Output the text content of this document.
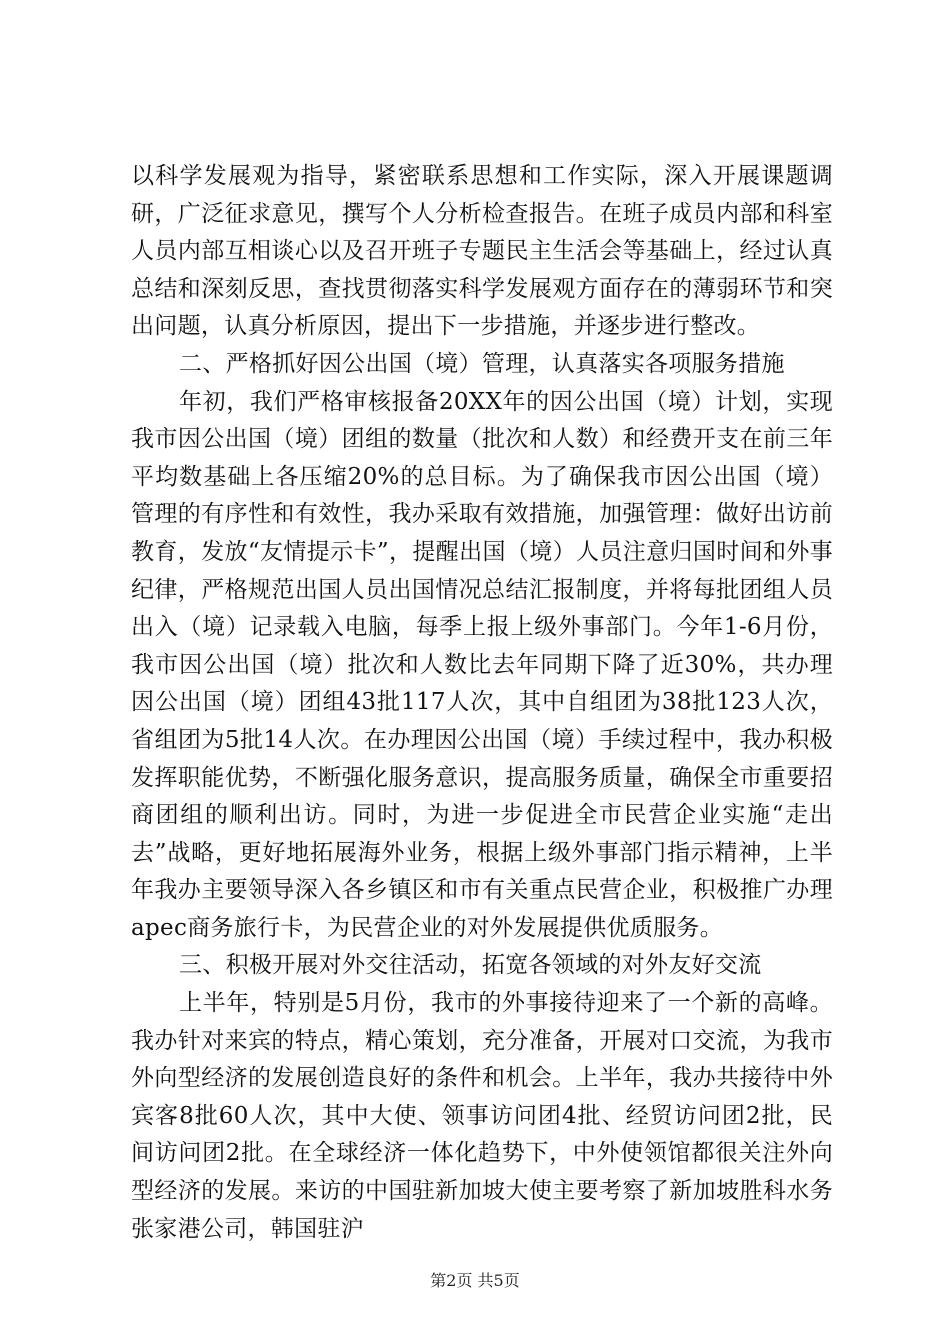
以科学发展观为指导，紧密联系思想和工作实际，深入开展课题调研，广泛征求意见，撰写个人分析检查报告。在班子成员内部和科室人员内部互相谈心以及召开班子专题民主生活会等基础上，经过认真总结和深刻反思，查找贯彻落实科学发展观方面存在的薄弱环节和突出问题，认真分析原因，提出下一步措施，并逐步进行整改。

二、严格抓好因公出国（境）管理，认真落实各项服务措施

年初，我们严格审核报备20XX年的因公出国（境）计划，实现我市因公出国（境）团组的数量（批次和人数）和经费开支在前三年平均数基础上各压缩20%的总目标。为了确保我市因公出国（境）管理的有序性和有效性，我办采取有效措施，加强管理：做好出访前教育，发放“友情提示卡”，提醒出国（境）人员注意归国时间和外事纪律，严格规范出国人员出国情况总结汇报制度，并将每批团组人员出入（境）记录载入电脑，每季上报上级外事部门。今年1-6月份，我市因公出国（境）批次和人数比去年同期下降了近30%，共办理因公出国（境）团组43批117人次，其中自组团为38批123人次，省组团为5批14人次。在办理因公出国（境）手续过程中，我办积极发挥职能优势，不断强化服务意识，提高服务质量，确保全市重要招商团组的顺利出访。同时，为进一步促进全市民营企业实施“走出去”战略，更好地拓展海外业务，根据上级外事部门指示精神，上半年我办主要领导深入各乡镇区和市有关重点民营企业，积极推广办理apec商务旅行卡，为民营企业的对外发展提供优质服务。

三、积极开展对外交往活动，拓宽各领域的对外友好交流

上半年，特别是5月份，我市的外事接待迎来了一个新的高峰。我办针对来宾的特点，精心策划，充分准备，开展对口交流，为我市外向型经济的发展创造良好的条件和机会。上半年，我办共接待中外宾客8批60人次，其中大使、领事访问团4批、经贸访问团2批，民间访问团2批。在全球经济一体化趋势下，中外使领馆都很关注外向型经济的发展。来访的中国驻新加坡大使主要考察了新加坡胜科水务张家港公司，韩国驻沪

第2页 共5页
